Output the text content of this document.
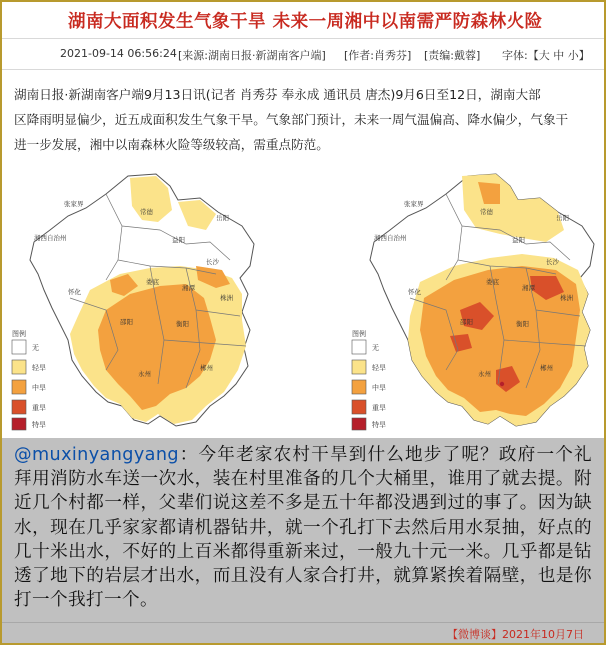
湖南大面积发生气象干旱 未来一周湘中以南需严防森林火险
2021-09-14 06:56:24 [来源:湖南日报·新湖南客户端] [作者:肖秀芬] [责编:戴蓉] 字体:【大 中 小】
湖南日报·新湖南客户端9月13日讯(记者 肖秀芬 奉永成 通讯员 唐杰)9月6日至12日，湖南大部
区降雨明显偏少，近五成面积发生气象干旱。气象部门预计，未来一周气温偏高、降水偏少，气象干
进一步发展，湘中以南森林火险等级较高，需重点防范。
张家界
常德
岳阳
湘西自治州	益阳
长沙
怀化
娄底
湘潭
株洲
邵阳	衡阳
永州
郴州
图例
无
轻旱
中旱
重旱
特旱
张家界
常德
岳阳
湘西自治州	益阳
长沙
怀化
娄底
湘潭
株洲
邵阳	衡阳
永州
郴州
图例
无
轻旱
中旱
重旱
特旱

@muxinyangyang：今年老家农村干旱到什么地步了呢？政府一个礼拜用消防水车送一次水，装在村里准备的几个大桶里，谁用了就去提。附近几个村都一样，父辈们说这差不多是五十年都没遇到过的事了。因为缺水，现在几乎家家都请机器钻井，就一个孔打下去然后用水泵抽，好点的几十米出水，不好的上百米都得重新来过，一般九十元一米。几乎都是钻透了地下的岩层才出水，而且没有人家合打井，就算紧挨着隔壁，也是你打一个我打一个。

【微博谈】2021年10月7日
